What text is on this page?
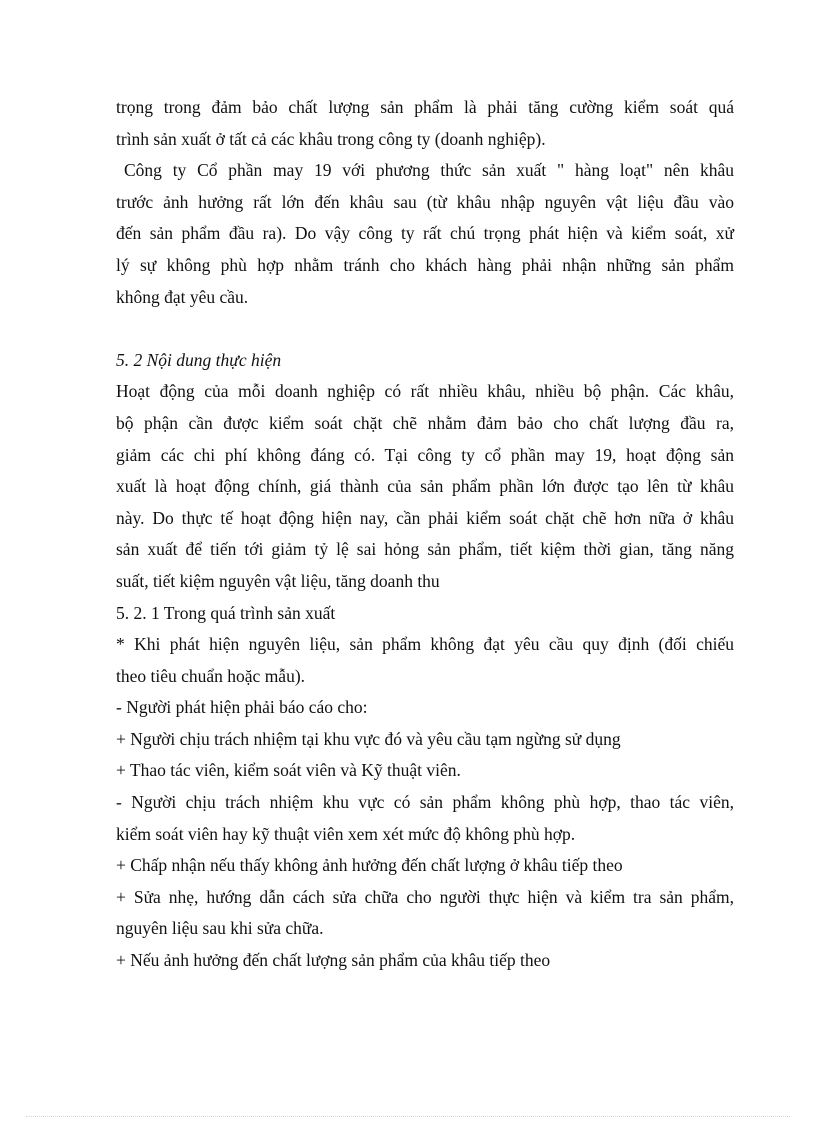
trọng trong đảm bảo chất lượng sản phẩm là phải tăng cường kiểm soát quá

trình sản xuất ở tất cả các khâu trong công ty (doanh nghiệp).

Công ty Cổ phần may 19 với phương thức sản xuất " hàng loạt" nên khâu

trước ảnh hưởng rất lớn đến khâu sau (từ khâu nhập nguyên vật liệu đầu vào

đến sản phẩm đầu ra). Do vậy công ty rất chú trọng phát hiện và kiểm soát, xử

lý sự không phù hợp nhằm tránh cho khách hàng phải nhận những sản phẩm

không đạt yêu cầu.

5. 2 Nội dung thực hiện

Hoạt động của mỗi doanh nghiệp có rất nhiều khâu, nhiều bộ phận. Các khâu,

bộ phận cần được kiểm soát chặt chẽ nhằm đảm bảo cho chất lượng đầu ra,

giảm các chi phí không đáng có. Tại công ty cổ phần may 19, hoạt động sản

xuất là hoạt động chính, giá thành của sản phẩm phần lớn được tạo lên từ khâu

này. Do thực tế hoạt động hiện nay, cần phải kiểm soát chặt chẽ hơn nữa ở khâu

sản xuất để tiến tới giảm tỷ lệ sai hỏng sản phẩm, tiết kiệm thời gian, tăng năng

suất, tiết kiệm nguyên vật liệu, tăng doanh thu

5. 2. 1 Trong quá trình sản xuất

* Khi phát hiện nguyên liệu, sản phẩm không đạt yêu cầu quy định (đối chiếu

theo tiêu chuẩn hoặc mẫu).

- Người phát hiện phải báo cáo cho:

+ Người chịu trách nhiệm tại khu vực đó và yêu cầu tạm ngừng sử dụng

+ Thao tác viên, kiểm soát viên và Kỹ thuật viên.

- Người chịu trách nhiệm khu vực có sản phẩm không phù hợp, thao tác viên,

kiểm soát viên hay kỹ thuật viên xem xét mức độ không phù hợp.

+ Chấp nhận nếu thấy không ảnh hưởng đến chất lượng ở khâu tiếp theo

+ Sửa nhẹ, hướng dẫn cách sửa chữa cho người thực hiện và kiểm tra sản phẩm,

nguyên liệu sau khi sửa chữa.

+ Nếu ảnh hưởng đến chất lượng sản phẩm của khâu tiếp theo
